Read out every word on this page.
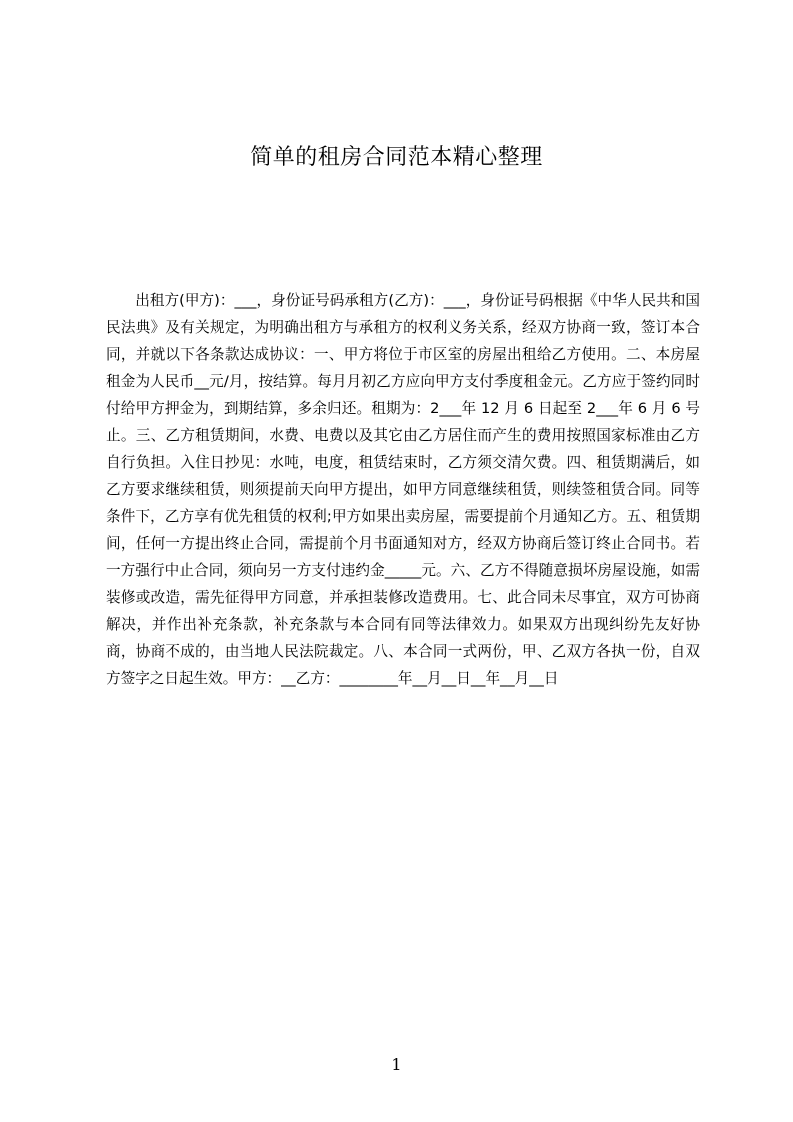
简单的租房合同范本精心整理

出租方(甲方)：___，身份证号码承租方(乙方)：___，身份证号码根据《中华人民共和国民法典》及有关规定，为明确出租方与承租方的权利义务关系，经双方协商一致，签订本合同，并就以下各条款达成协议：一、甲方将位于市区室的房屋出租给乙方使用。二、本房屋租金为人民币__元/月，按结算。每月月初乙方应向甲方支付季度租金元。乙方应于签约同时付给甲方押金为，到期结算，多余归还。租期为：2___年 12 月 6 日起至 2___年 6 月 6 号止。三、乙方租赁期间，水费、电费以及其它由乙方居住而产生的费用按照国家标准由乙方自行负担。入住日抄见：水吨，电度，租赁结束时，乙方须交清欠费。四、租赁期满后，如乙方要求继续租赁，则须提前天向甲方提出，如甲方同意继续租赁，则续签租赁合同。同等条件下，乙方享有优先租赁的权利;甲方如果出卖房屋，需要提前个月通知乙方。五、租赁期间，任何一方提出终止合同，需提前个月书面通知对方，经双方协商后签订终止合同书。若一方强行中止合同，须向另一方支付违约金_____元。六、乙方不得随意损坏房屋设施，如需装修或改造，需先征得甲方同意，并承担装修改造费用。七、此合同未尽事宜，双方可协商解决，并作出补充条款，补充条款与本合同有同等法律效力。如果双方出现纠纷先友好协商，协商不成的，由当地人民法院裁定。八、本合同一式两份，甲、乙双方各执一份，自双方签字之日起生效。甲方：__乙方：________年__月__日__年__月__日

1
